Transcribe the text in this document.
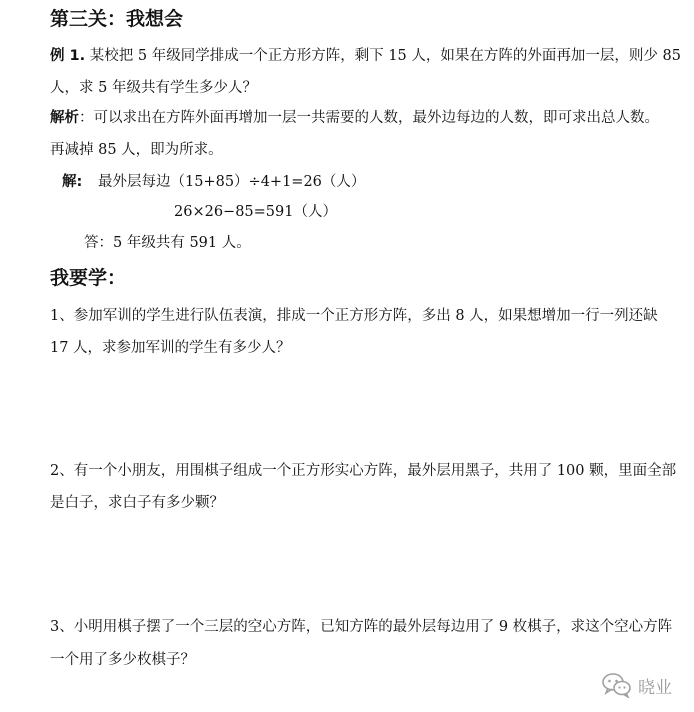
第三关：我想会
例 1. 某校把 5 年级同学排成一个正方形方阵，剩下 15 人，如果在方阵的外面再加一层，则少 85
人，求 5 年级共有学生多少人？
解析：可以求出在方阵外面再增加一层一共需要的人数，最外边每边的人数，即可求出总人数。
再减掉 85 人，即为所求。
解: 最外层每边（15+85）÷4+1=26（人）
26×26−85=591（人）
答：5 年级共有 591 人。
我要学：
1、参加军训的学生进行队伍表演，排成一个正方形方阵，多出 8 人，如果想增加一行一列还缺
17 人，求参加军训的学生有多少人？
2、有一个小朋友，用围棋子组成一个正方形实心方阵，最外层用黑子，共用了 100 颗，里面全部
是白子，求白子有多少颗？
3、小明用棋子摆了一个三层的空心方阵，已知方阵的最外层每边用了 9 枚棋子，求这个空心方阵
一个用了多少枚棋子？
晓业
